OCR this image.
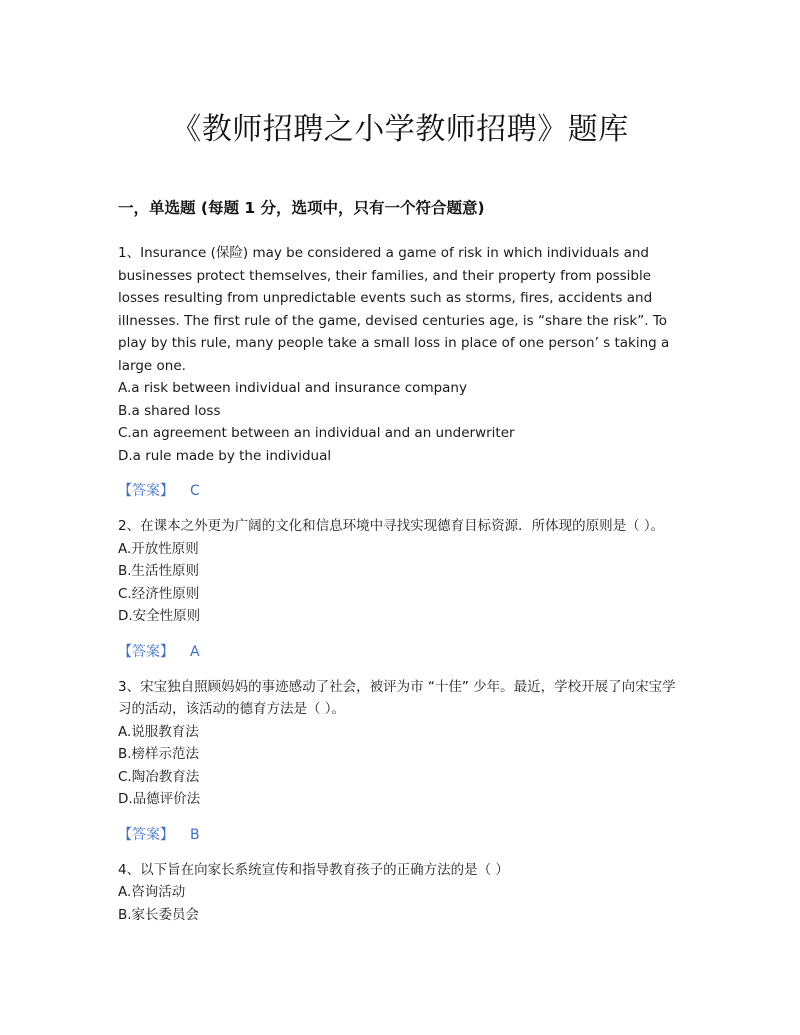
《教师招聘之小学教师招聘》题库
一，单选题 (每题 1 分，选项中，只有一个符合题意)

1、Insurance (保险) may be considered a game of risk in which individuals and businesses protect themselves, their families, and their property from possible losses resulting from unpredictable events such as storms, fires, accidents and illnesses. The first rule of the game, devised centuries age, is “share the risk”. To play by this rule, many people take a small loss in place of one person’ s taking a large one.

A.a risk between individual and insurance company

B.a shared loss

C.an agreement between an individual and an underwriter

D.a rule made by the individual

【答案】 C

2、在课本之外更为广阔的文化和信息环境中寻找实现德育目标资源．所体现的原则是（ ）。

A.开放性原则

B.生活性原则

C.经济性原则

D.安全性原则

【答案】 A

3、宋宝独自照顾妈妈的事迹感动了社会，被评为市 “十佳” 少年。最近，学校开展了向宋宝学习的活动，该活动的德育方法是（ ）。

A.说服教育法

B.榜样示范法

C.陶冶教育法

D.品德评价法

【答案】 B

4、以下旨在向家长系统宣传和指导教育孩子的正确方法的是（ ）

A.咨询活动

B.家长委员会
